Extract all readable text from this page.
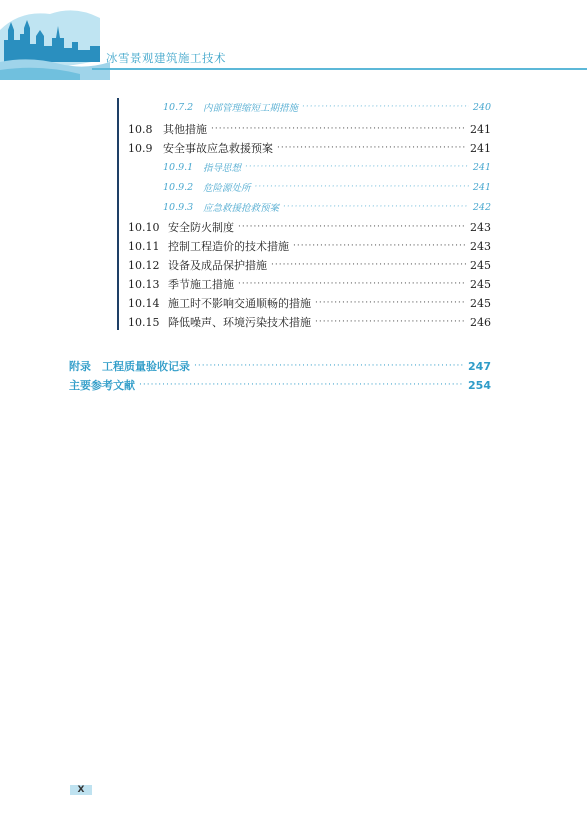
冰雪景观建筑施工技术
10.7.2	内部管理缩短工期措施 ·····	240
10.8 其他措施 ·····	241
10.9 安全事故应急救援预案 ·····	241
10.9.1	指导思想 ·····	241
10.9.2	危险源处所 ·····	241
10.9.3	应急救援抢救预案 ·····	242
10.10 安全防火制度 ·····	243
10.11 控制工程造价的技术措施 ·····	243
10.12 设备及成品保护措施 ·····	245
10.13 季节施工措施 ·····	245
10.14 施工时不影响交通顺畅的措施 ·····	245
10.15 降低噪声、环境污染技术措施 ·····	246
附录　工程质量验收记录 ·····	247
主要参考文献 ·····	254
X
